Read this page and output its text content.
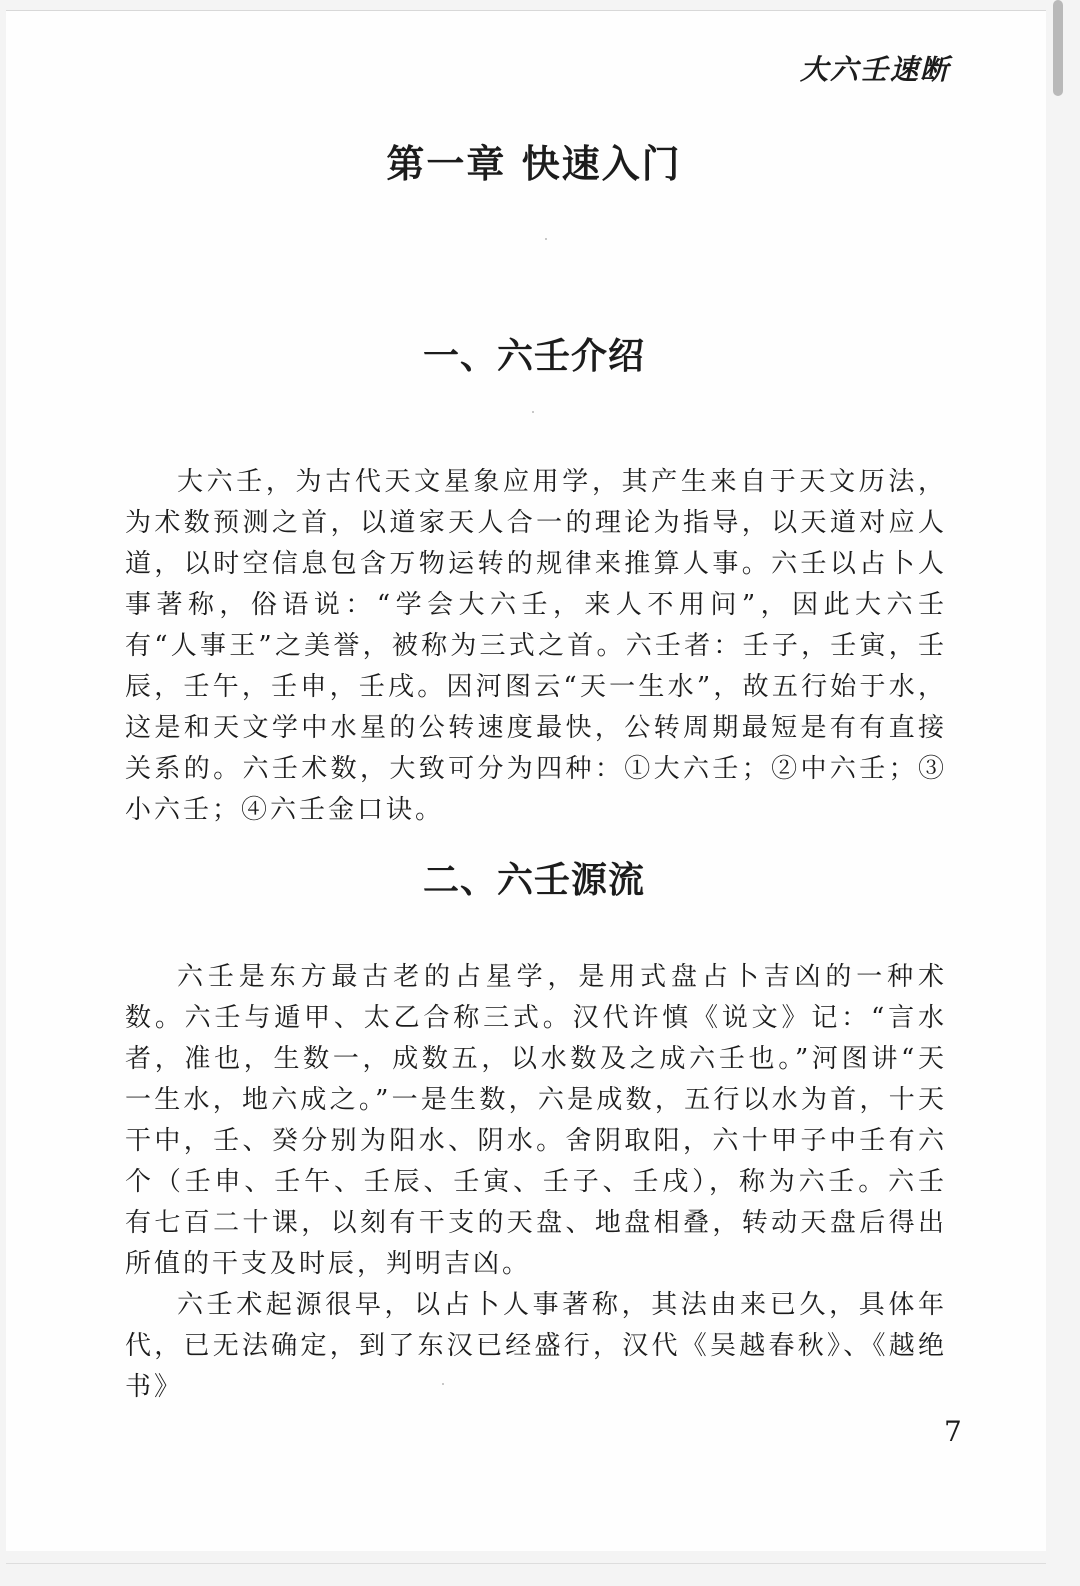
大六壬速断
第一章 快速入门
一、六壬介绍

大六壬，为古代天文星象应用学，其产生来自于天文历法，为术数预测之首，以道家天人合一的理论为指导，以天道对应人道，以时空信息包含万物运转的规律来推算人事。六壬以占卜人事著称，俗语说：“学会大六壬，来人不用问”，因此大六壬有“人事王”之美誉，被称为三式之首。六壬者：壬子，壬寅，壬辰，壬午，壬申，壬戌。因河图云“天一生水”，故五行始于水，这是和天文学中水星的公转速度最快，公转周期最短是有有直接关系的。六壬术数，大致可分为四种：①大六壬；②中六壬；③小六壬；④六壬金口诀。

二、六壬源流

六壬是东方最古老的占星学，是用式盘占卜吉凶的一种术数。六壬与遁甲、太乙合称三式。汉代许慎《说文》记：“言水者，准也，生数一，成数五，以水数及之成六壬也。”河图讲“天一生水，地六成之。”一是生数，六是成数，五行以水为首，十天干中，壬、癸分别为阳水、阴水。舍阴取阳，六十甲子中壬有六个（壬申、壬午、壬辰、壬寅、壬子、壬戌），称为六壬。六壬有七百二十课，以刻有干支的天盘、地盘相叠，转动天盘后得出所值的干支及时辰，判明吉凶。

六壬术起源很早，以占卜人事著称，其法由来已久，具体年代，已无法确定，到了东汉已经盛行，汉代《吴越春秋》、《越绝书》

7
